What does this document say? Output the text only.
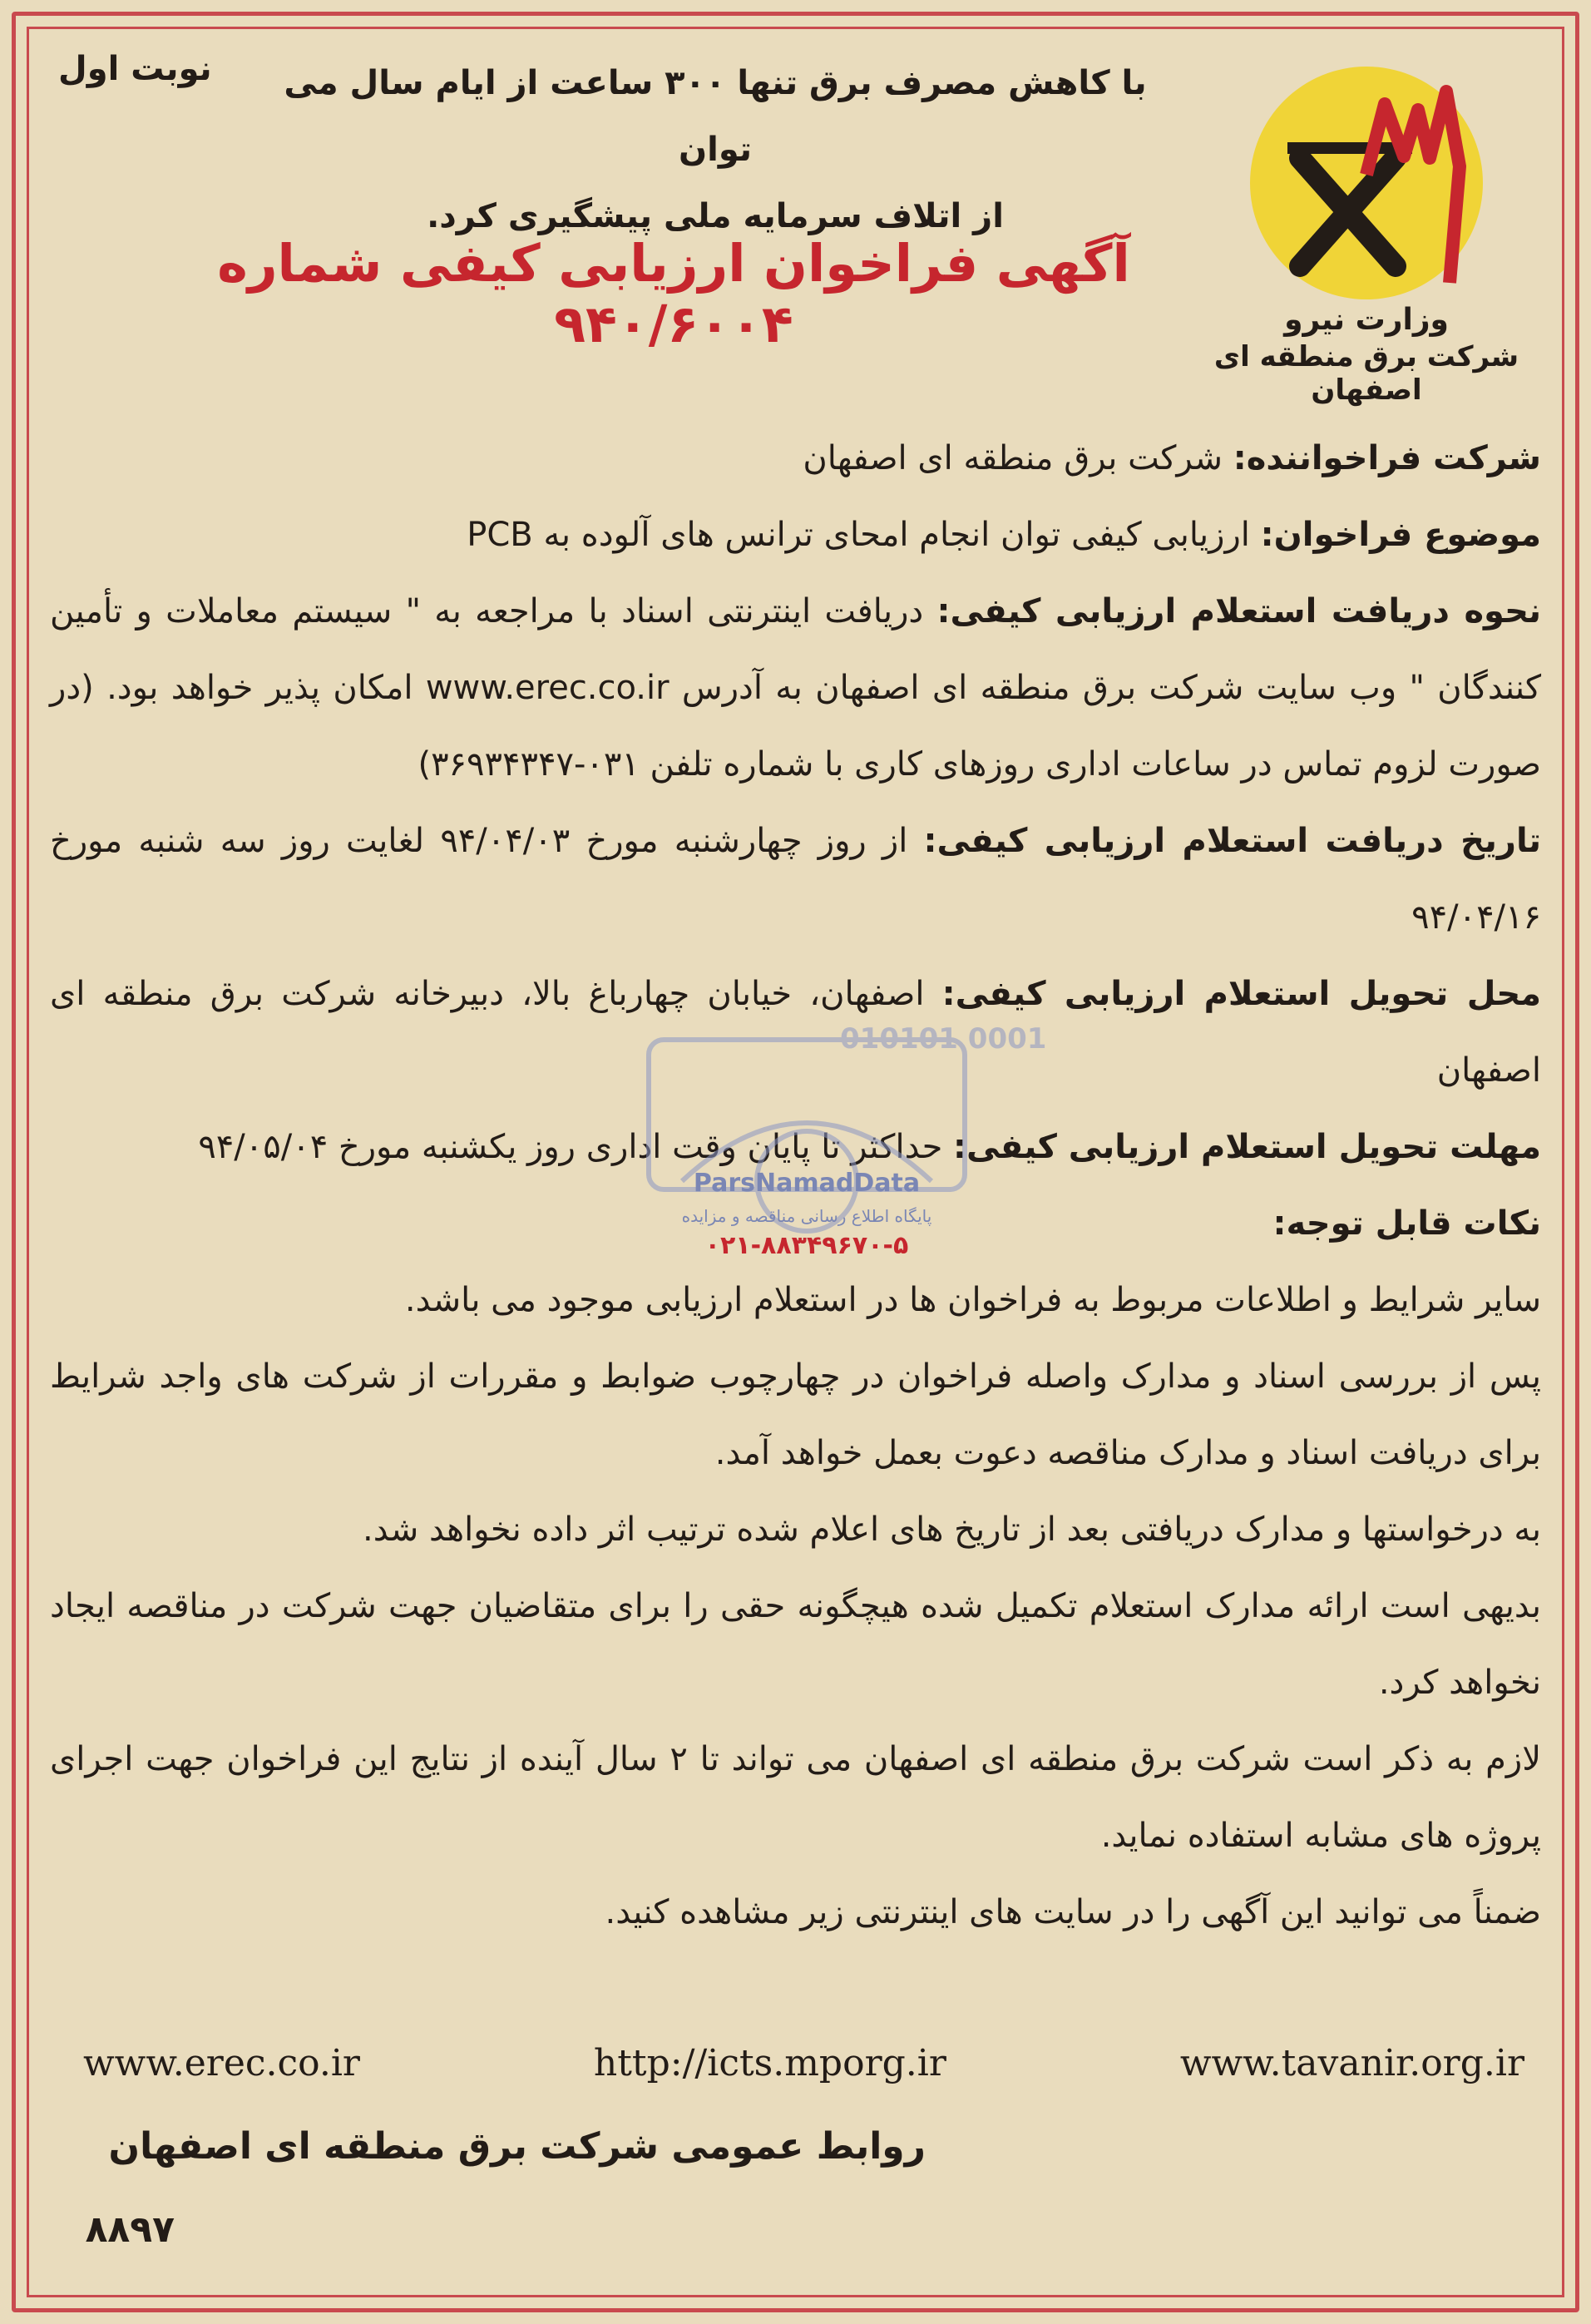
نوبت اول	با کاهش مصرف برق تنها ۳۰۰ ساعت از ایام سال می توان
از اتلاف سرمایه ملی پیشگیری کرد.
آگهی فراخوان ارزیابی کیفی شماره ۹۴۰/۶۰۰۴	وزارت نیرو
شرکت برق منطقه ای اصفهان

شرکت فراخواننده: شرکت برق منطقه ای اصفهان

موضوع فراخوان: ارزیابی کیفی توان انجام امحای ترانس های آلوده به PCB

نحوه دریافت استعلام ارزیابی کیفی: دریافت اینترنتی اسناد با مراجعه به " سیستم معاملات و تأمین کنندگان " وب سایت شرکت برق منطقه ای اصفهان به آدرس www.erec.co.ir امکان پذیر خواهد بود. (در صورت لزوم تماس در ساعات اداری روزهای کاری با شماره تلفن ۰۳۱-۳۶۹۳۴۳۴۷)

تاریخ دریافت استعلام ارزیابی کیفی: از روز چهارشنبه مورخ ۹۴/۰۴/۰۳ لغایت روز سه شنبه مورخ ۹۴/۰۴/۱۶

محل تحویل استعلام ارزیابی کیفی: اصفهان، خیابان چهارباغ بالا، دبیرخانه شرکت برق منطقه ای اصفهان

مهلت تحویل استعلام ارزیابی کیفی: حداکثر تا پایان وقت اداری روز یکشنبه مورخ ۹۴/۰۵/۰۴

نکات قابل توجه:

سایر شرایط و اطلاعات مربوط به فراخوان ها در استعلام ارزیابی موجود می باشد.

پس از بررسی اسناد و مدارک واصله فراخوان در چهارچوب ضوابط و مقررات از شرکت های واجد شرایط برای دریافت اسناد و مدارک مناقصه دعوت بعمل خواهد آمد.

به درخواستها و مدارک دریافتی بعد از تاریخ های اعلام شده ترتیب اثر داده نخواهد شد.

بدیهی است ارائه مدارک استعلام تکمیل شده هیچگونه حقی را برای متقاضیان جهت شرکت در مناقصه ایجاد نخواهد کرد.

لازم به ذکر است شرکت برق منطقه ای اصفهان می تواند تا ۲ سال آینده از نتایج این فراخوان جهت اجرای پروژه های مشابه استفاده نماید.

ضمناً می توانید این آگهی را در سایت های اینترنتی زیر مشاهده کنید.

010101 0001
ParsNamadData
پایگاه اطلاع رسانی مناقصه و مزایده
۰۲۱-۸۸۳۴۹۶۷۰-۵
www.erec.co.ir	http://icts.mporg.ir	www.tavanir.org.ir
روابط عمومی شرکت برق منطقه ای اصفهان
۸۸۹۷
